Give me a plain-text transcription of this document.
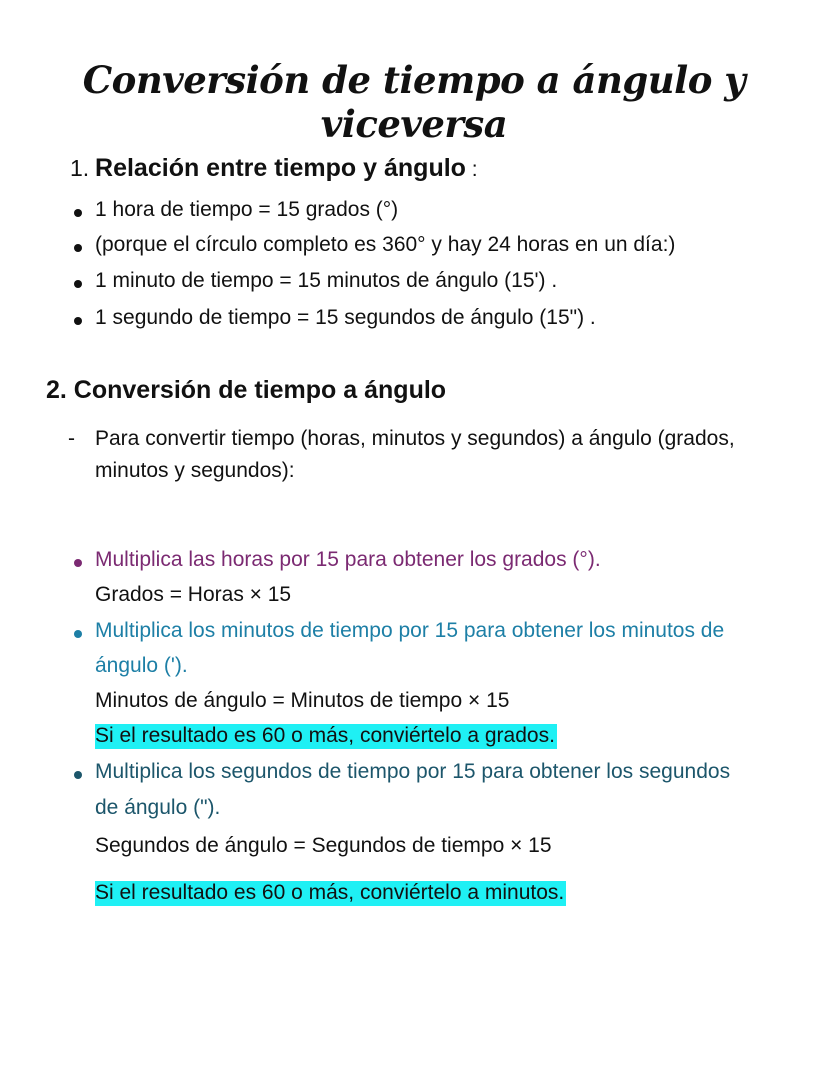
Conversión de tiempo a ángulo y viceversa
1. Relación entre tiempo y ángulo :
1 hora de tiempo = 15 grados (°)
(porque el círculo completo es 360° y hay 24 horas en un día:)
1 minuto de tiempo = 15 minutos de ángulo (15') .
1 segundo de tiempo = 15 segundos de ángulo (15") .
2. Conversión de tiempo a ángulo
- Para convertir tiempo (horas, minutos y segundos) a ángulo (grados,
minutos y segundos):
Multiplica las horas por 15 para obtener los grados (°).
Grados = Horas × 15
Multiplica los minutos de tiempo por 15 para obtener los minutos de
ángulo (').
Minutos de ángulo = Minutos de tiempo × 15
Si el resultado es 60 o más, conviértelo a grados.
Multiplica los segundos de tiempo por 15 para obtener los segundos
de ángulo (").
Segundos de ángulo = Segundos de tiempo × 15
Si el resultado es 60 o más, conviértelo a minutos.
